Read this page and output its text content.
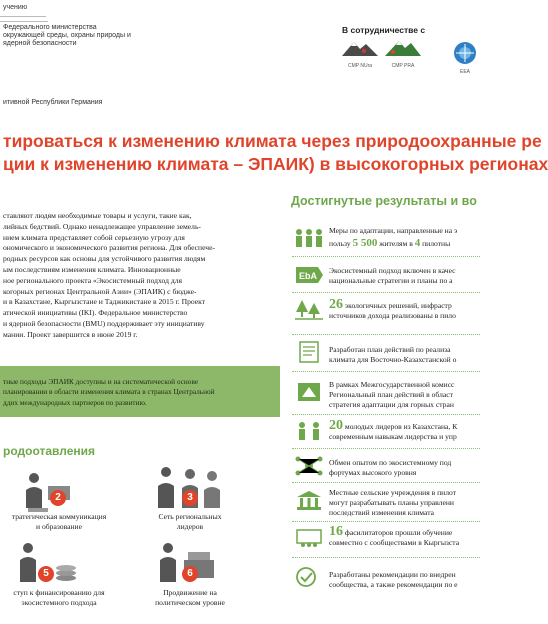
учению
Федерального министерства
окружающей среды, охраны природы и
ядерной безопасности
итивной Республики Германия
В сотрудничестве с
CMP NUra	CMP PRA
EEA
тироваться к изменению климата через природоохранные ре
ции к изменению климата – ЭПАИК) в высокогорных регионах
ставляют людям необходимые товары и услуги, такие как,
лийных бедствий. Однако ненадлежащее управление земель-
нием климата представляет собой серьезную угрозу для
ономического и экономического развития региона. Для обеспече-
родных ресурсов как основы для устойчивого развития людям
ым последствиям изменения климата. Инновационные
ное регионального проекта «Экосистемный подход для
когорных регионах Центральной Азии» (ЭПАИК) с бюдже-
и в Казахстане, Кыргызстане и Таджикистане в 2015 г. Проект
атической инициативы (IKI). Федеральное министерство
и ядерной безопасности (BMU) поддерживает эту инициативу
мании. Проект завершится в июне 2019 г.
тные подходы ЭПАИК доступны и на систематической основе
планировании в области изменения климата в странах Центральной
ддих международных партнеров по развитию.
родоотавления
2
тратегическая коммуникация
и образование
3
Сеть региональных
лидеров
5
ступ к финансированию для
экосистемного подхода
6
Продвижение на
политическом уровне
Достигнутые результаты и во
Меры по адаптации, направленные на э
пользу 5 500 жителям в 4 пилотны
EbA
Экосистемный подход включен в качес
национальные стратегии и планы по а
26 экологичных решений, инфрастр
источников дохода реализованы в пило
Разработан план действий по реализа
климата для Восточно-Казахстанской о
В рамках Межгосударственной комисс
Региональный план действий в област
стратегия адаптации для горных стран
20 молодых лидеров из Казахстана, К
современным навыкам лидерства и упр
Обмен опытом по экосистемному под
фортумах высокого уровня
Местные сельские учреждения в пилот
могут разрабатывать планы управлени
последствий изменения климата
16 фасилитаторов прошли обучение
совместно с сообществами в Кыргызста
Разработаны рекомендации по внедрен
сообщества, а также рекомендации по е
